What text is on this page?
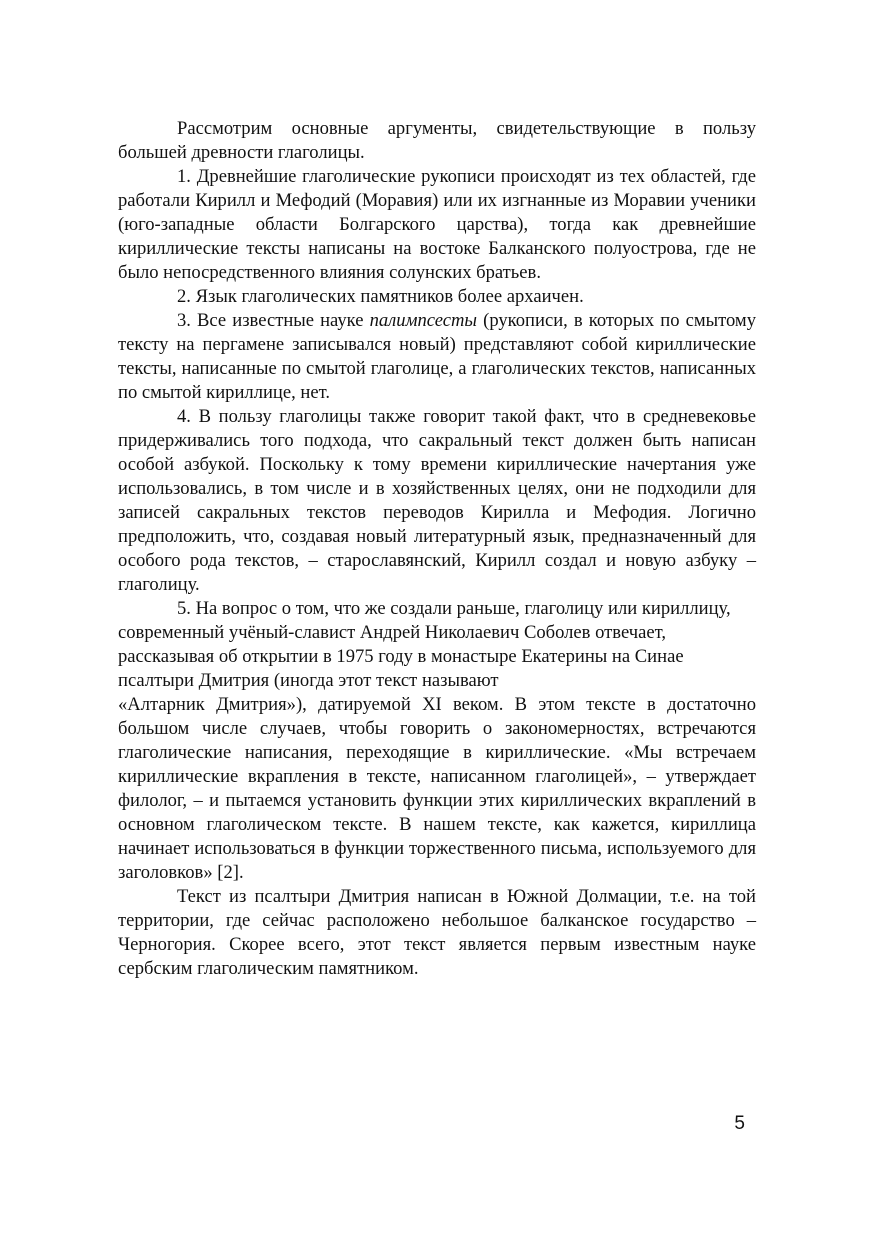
Рассмотрим основные аргументы, свидетельствующие в пользу большей древности глаголицы.

1. Древнейшие глаголические рукописи происходят из тех областей, где работали Кирилл и Мефодий (Моравия) или их изгнанные из Моравии ученики (юго-западные области Болгарского царства), тогда как древнейшие кириллические тексты написаны на востоке Балканского полуострова, где не было непосредственного влияния солунских братьев.

2. Язык глаголических памятников более архаичен.

3. Все известные науке палимпсесты (рукописи, в которых по смытому тексту на пергамене записывался новый) представляют собой кириллические тексты, написанные по смытой глаголице, а глаголических текстов, написанных по смытой кириллице, нет.

4. В пользу глаголицы также говорит такой факт, что в средневековье придерживались того подхода, что сакральный текст должен быть написан особой азбукой. Поскольку к тому времени кириллические начертания уже использовались, в том числе и в хозяйственных целях, они не подходили для записей сакральных текстов переводов Кирилла и Мефодия. Логично предположить, что, создавая новый литературный язык, предназначенный для особого рода текстов, – старославянский, Кирилл создал и новую азбуку – глаголицу.

5. На вопрос о том, что же создали раньше, глаголицу или кириллицу, современный учёный-славист Андрей Николаевич Соболев отвечает, рассказывая об открытии в 1975 году в монастыре Екатерины на Синае псалтыри Дмитрия (иногда этот текст называют

«Алтарник Дмитрия»), датируемой XI веком. В этом тексте в достаточно большом числе случаев, чтобы говорить о закономерностях, встречаются глаголические написания, переходящие в кириллические. «Мы встречаем кириллические вкрапления в тексте, написанном глаголицей», – утверждает филолог, – и пытаемся установить функции этих кириллических вкраплений в основном глаголическом тексте. В нашем тексте, как кажется, кириллица начинает использоваться в функции торжественного письма, используемого для заголовков» [2].

Текст из псалтыри Дмитрия написан в Южной Долмации, т.е. на той территории, где сейчас расположено небольшое балканское государство – Черногория. Скорее всего, этот текст является первым известным науке сербским глаголическим памятником.

5
